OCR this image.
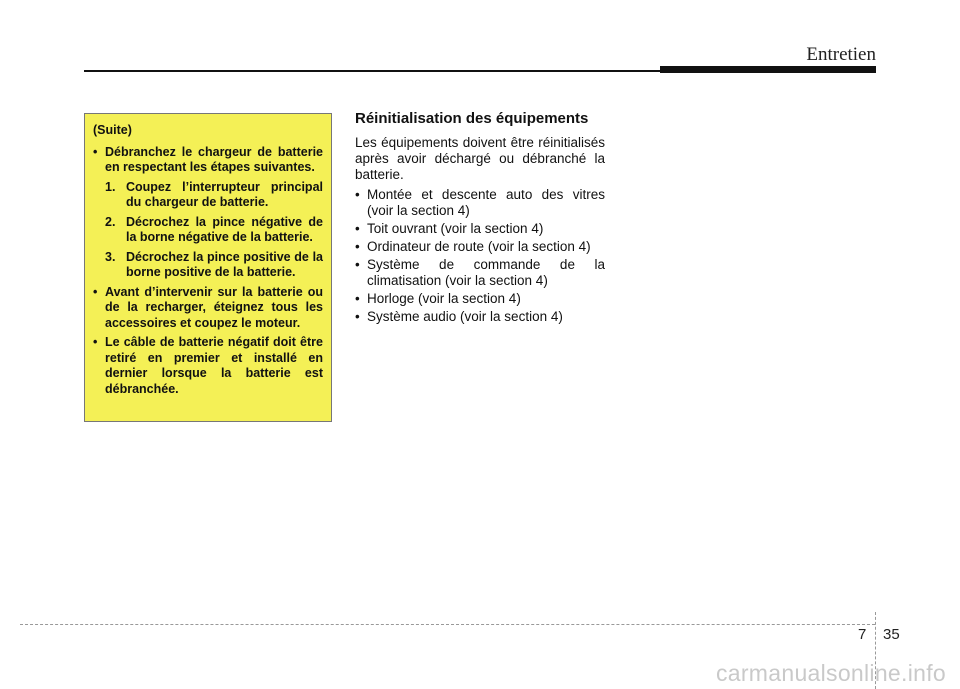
Entretien

(Suite)

• Débranchez le chargeur de batterie en respectant les étapes suivantes.
1. Coupez l’interrupteur principal du chargeur de batterie.
2. Décrochez la pince négative de la borne négative de la batterie.
3. Décrochez la pince positive de la borne positive de la batterie.
• Avant d’intervenir sur la batterie ou de la recharger, éteignez tous les accessoires et coupez le moteur.
• Le câble de batterie négatif doit être retiré en premier et installé en dernier lorsque la batterie est débranchée.
Réinitialisation des équipements

Les équipements doivent être réinitialisés après avoir déchargé ou débranché la batterie.

• Montée et descente auto des vitres (voir la section 4)
• Toit ouvrant (voir la section 4)
• Ordinateur de route (voir la section 4)
• Système de commande de la climatisation (voir la section 4)
• Horloge (voir la section 4)
• Système audio (voir la section 4)
7 35
carmanualsonline.info
